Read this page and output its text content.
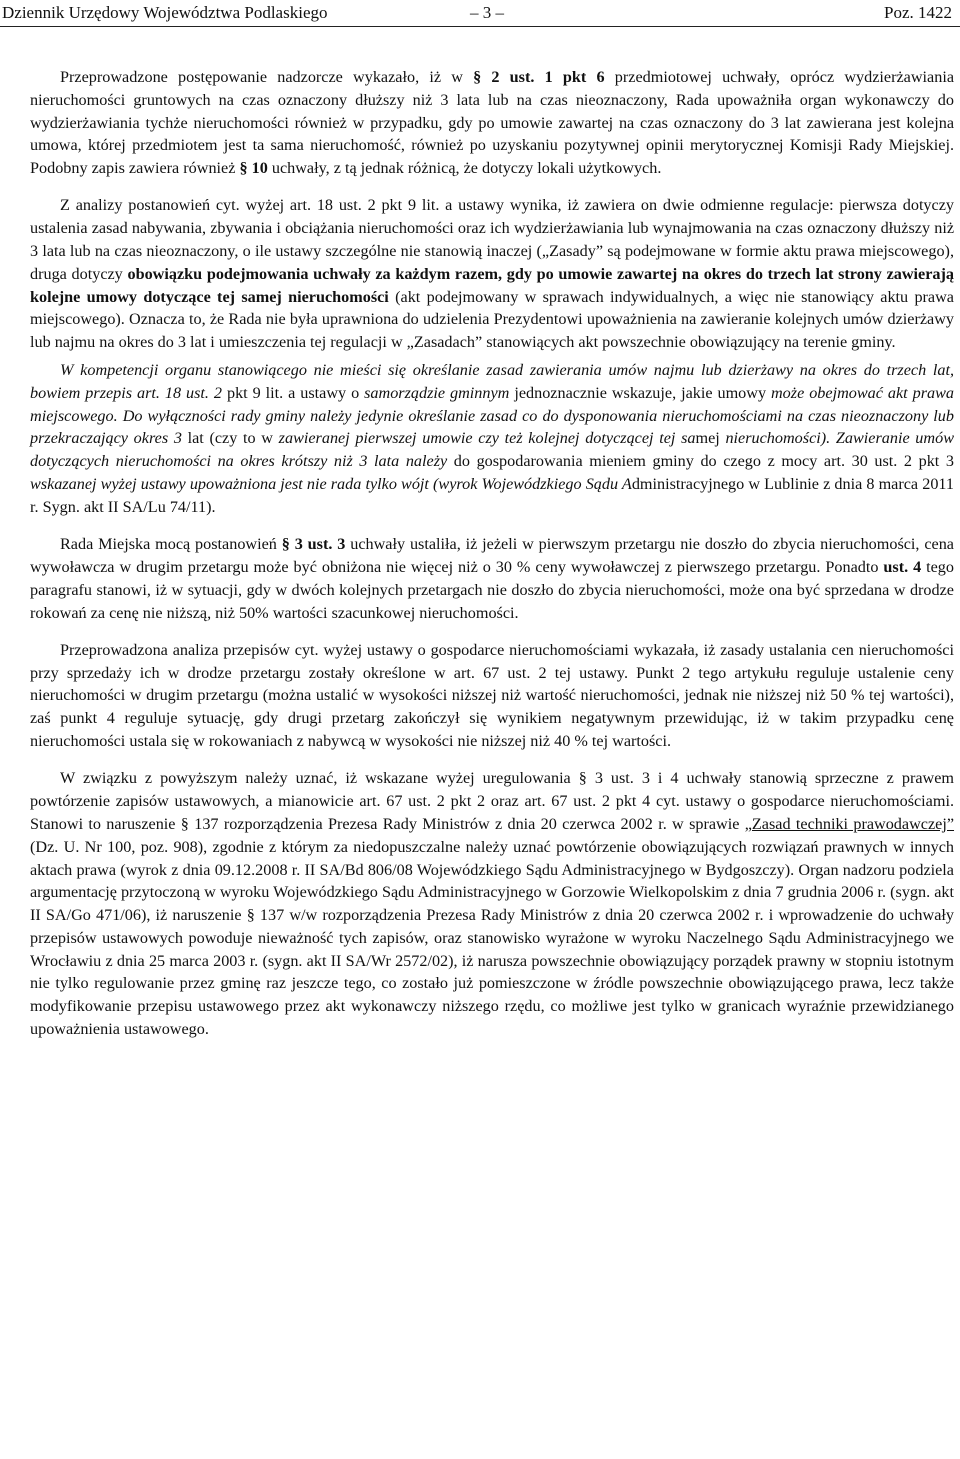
Dziennik Urzędowy Województwa Podlaskiego	– 3 –	Poz. 1422

Przeprowadzone postępowanie nadzorcze wykazało, iż w § 2 ust. 1 pkt 6 przedmiotowej uchwały, oprócz wydzierżawiania nieruchomości gruntowych na czas oznaczony dłuższy niż 3 lata lub na czas nieoznaczony, Rada upoważniła organ wykonawczy do wydzierżawiania tychże nieruchomości również w przypadku, gdy po umowie zawartej na czas oznaczony do 3 lat zawierana jest kolejna umowa, której przedmiotem jest ta sama nieruchomość, również po uzyskaniu pozytywnej opinii merytorycznej Komisji Rady Miejskiej. Podobny zapis zawiera również § 10 uchwały, z tą jednak różnicą, że dotyczy lokali użytkowych.

Z analizy postanowień cyt. wyżej art. 18 ust. 2 pkt 9 lit. a ustawy wynika, iż zawiera on dwie odmienne regulacje: pierwsza dotyczy ustalenia zasad nabywania, zbywania i obciążania nieruchomości oraz ich wydzierżawiania lub wynajmowania na czas oznaczony dłuższy niż 3 lata lub na czas nieoznaczony, o ile ustawy szczególne nie stanowią inaczej („Zasady” są podejmowane w formie aktu prawa miejscowego), druga dotyczy obowiązku podejmowania uchwały za każdym razem, gdy po umowie zawartej na okres do trzech lat strony zawierają kolejne umowy dotyczące tej samej nieruchomości (akt podejmowany w sprawach indywidualnych, a więc nie stanowiący aktu prawa miejscowego). Oznacza to, że Rada nie była uprawniona do udzielenia Prezydentowi upoważnienia na zawieranie kolejnych umów dzierżawy lub najmu na okres do 3 lat i umieszczenia tej regulacji w „Zasadach” stanowiących akt powszechnie obowiązujący na terenie gminy.

W kompetencji organu stanowiącego nie mieści się określanie zasad zawierania umów najmu lub dzierżawy na okres do trzech lat, bowiem przepis art. 18 ust. 2 pkt 9 lit. a ustawy o samorządzie gminnym jednoznacznie wskazuje, jakie umowy może obejmować akt prawa miejscowego. Do wyłączności rady gminy należy jedynie określanie zasad co do dysponowania nieruchomościami na czas nieoznaczony lub przekraczający okres 3 lat (czy to w zawieranej pierwszej umowie czy też kolejnej dotyczącej tej samej nieruchomości). Zawieranie umów dotyczących nieruchomości na okres krótszy niż 3 lata należy do gospodarowania mieniem gminy do czego z mocy art. 30 ust. 2 pkt 3 wskazanej wyżej ustawy upoważniona jest nie rada tylko wójt (wyrok Wojewódzkiego Sądu Administracyjnego w Lublinie z dnia 8 marca 2011 r. Sygn. akt II SA/Lu 74/11).

Rada Miejska mocą postanowień § 3 ust. 3 uchwały ustaliła, iż jeżeli w pierwszym przetargu nie doszło do zbycia nieruchomości, cena wywoławcza w drugim przetargu może być obniżona nie więcej niż o 30 % ceny wywoławczej z pierwszego przetargu. Ponadto ust. 4 tego paragrafu stanowi, iż w sytuacji, gdy w dwóch kolejnych przetargach nie doszło do zbycia nieruchomości, może ona być sprzedana w drodze rokowań za cenę nie niższą, niż 50% wartości szacunkowej nieruchomości.

Przeprowadzona analiza przepisów cyt. wyżej ustawy o gospodarce nieruchomościami wykazała, iż zasady ustalania cen nieruchomości przy sprzedaży ich w drodze przetargu zostały określone w art. 67 ust. 2 tej ustawy. Punkt 2 tego artykułu reguluje ustalenie ceny nieruchomości w drugim przetargu (można ustalić w wysokości niższej niż wartość nieruchomości, jednak nie niższej niż 50 % tej wartości), zaś punkt 4 reguluje sytuację, gdy drugi przetarg zakończył się wynikiem negatywnym przewidując, iż w takim przypadku cenę nieruchomości ustala się w rokowaniach z nabywcą w wysokości nie niższej niż 40 % tej wartości.

W związku z powyższym należy uznać, iż wskazane wyżej uregulowania § 3 ust. 3 i 4 uchwały stanowią sprzeczne z prawem powtórzenie zapisów ustawowych, a mianowicie art. 67 ust. 2 pkt 2 oraz art. 67 ust. 2 pkt 4 cyt. ustawy o gospodarce nieruchomościami. Stanowi to naruszenie § 137 rozporządzenia Prezesa Rady Ministrów z dnia 20 czerwca 2002 r. w sprawie „Zasad techniki prawodawczej” (Dz. U. Nr 100, poz. 908), zgodnie z którym za niedopuszczalne należy uznać powtórzenie obowiązujących rozwiązań prawnych w innych aktach prawa (wyrok z dnia 09.12.2008 r. II SA/Bd 806/08 Wojewódzkiego Sądu Administracyjnego w Bydgoszczy). Organ nadzoru podziela argumentację przytoczoną w wyroku Wojewódzkiego Sądu Administracyjnego w Gorzowie Wielkopolskim z dnia 7 grudnia 2006 r. (sygn. akt II SA/Go 471/06), iż naruszenie § 137 w/w rozporządzenia Prezesa Rady Ministrów z dnia 20 czerwca 2002 r. i wprowadzenie do uchwały przepisów ustawowych powoduje nieważność tych zapisów, oraz stanowisko wyrażone w wyroku Naczelnego Sądu Administracyjnego we Wrocławiu z dnia 25 marca 2003 r. (sygn. akt II SA/Wr 2572/02), iż narusza powszechnie obowiązujący porządek prawny w stopniu istotnym nie tylko regulowanie przez gminę raz jeszcze tego, co zostało już pomieszczone w źródle powszechnie obowiązującego prawa, lecz także modyfikowanie przepisu ustawowego przez akt wykonawczy niższego rzędu, co możliwe jest tylko w granicach wyraźnie przewidzianego upoważnienia ustawowego.
